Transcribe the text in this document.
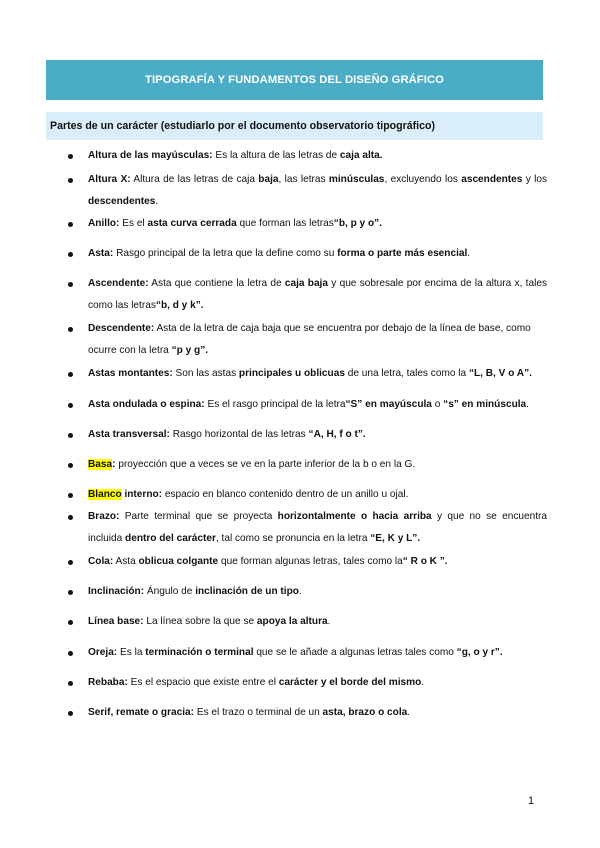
TIPOGRAFÍA Y FUNDAMENTOS DEL DISEÑO GRÁFICO
Partes de un carácter (estudiarlo por el documento observatorio tipográfico)
Altura de las mayúsculas: Es la altura de las letras de caja alta.
Altura X: Altura de las letras de caja baja, las letras minúsculas, excluyendo los ascendentes y los descendentes.
Anillo: Es el asta curva cerrada que forman las letras“b, p y o”.
Asta: Rasgo principal de la letra que la define como su forma o parte más esencial.
Ascendente: Asta que contiene la letra de caja baja y que sobresale por encima de la altura x, tales como las letras“b, d y k”.
Descendente: Asta de la letra de caja baja que se encuentra por debajo de la línea de base, como ocurre con la letra “p y g”.
Astas montantes: Son las astas principales u oblicuas de una letra, tales como la “L, B, V o A”.
Asta ondulada o espina: Es el rasgo principal de la letra“S” en mayúscula o “s” en minúscula.
Asta transversal: Rasgo horizontal de las letras “A, H, f o t”.
Basa: proyección que a veces se ve en la parte inferior de la b o en la G.
Blanco interno: espacio en blanco contenido dentro de un anillo u ojal.
Brazo: Parte terminal que se proyecta horizontalmente o hacia arriba y que no se encuentra incluida dentro del carácter, tal como se pronuncia en la letra “E, K y L”.
Cola: Asta oblicua colgante que forman algunas letras, tales como la“ R o K ”.
Inclinación: Ángulo de inclinación de un tipo.
Línea base: La línea sobre la que se apoya la altura.
Oreja: Es la terminación o terminal que se le añade a algunas letras tales como “g, o y r”.
Rebaba: Es el espacio que existe entre el carácter y el borde del mismo.
Serif, remate o gracia: Es el trazo o terminal de un asta, brazo o cola.
1
